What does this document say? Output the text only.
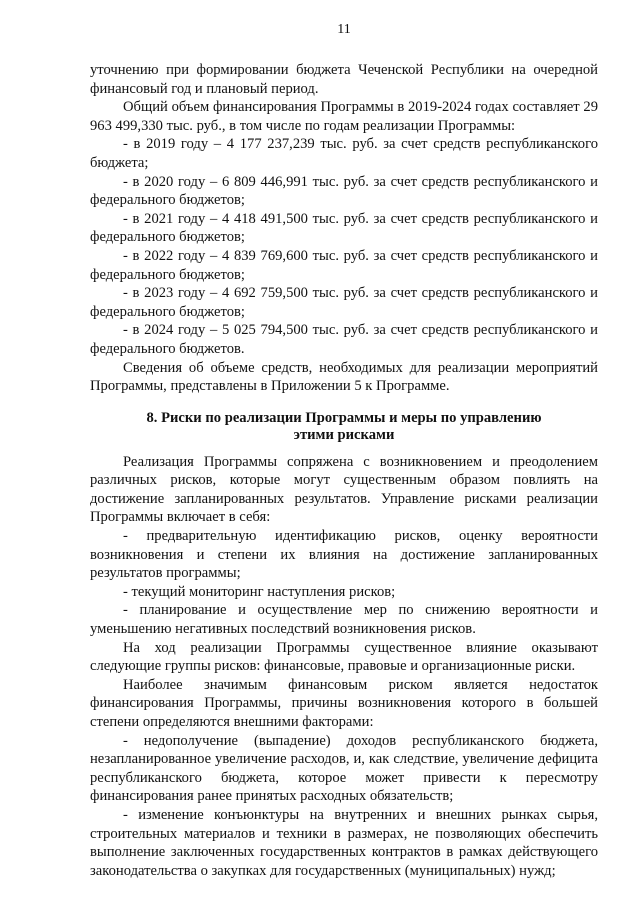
11

уточнению при формировании бюджета Чеченской Республики на очередной финансовый год и плановый период.

Общий объем финансирования Программы в 2019-2024 годах составляет 29 963 499,330 тыс. руб., в том числе по годам реализации Программы:

- в 2019 году – 4 177 237,239 тыс. руб. за счет средств республиканского бюджета;

- в 2020 году – 6 809 446,991 тыс. руб. за счет средств республиканского и федерального бюджетов;

- в 2021 году – 4 418 491,500 тыс. руб. за счет средств республиканского и федерального бюджетов;

- в 2022 году – 4 839 769,600 тыс. руб. за счет средств республиканского и федерального бюджетов;

- в 2023 году – 4 692 759,500 тыс. руб. за счет средств республиканского и федерального бюджетов;

- в 2024 году – 5 025 794,500 тыс. руб. за счет средств республиканского и федерального бюджетов.

Сведения об объеме средств, необходимых для реализации мероприятий Программы, представлены в Приложении 5 к Программе.

8. Риски по реализации Программы и меры по управлению этими рисками

Реализация Программы сопряжена с возникновением и преодолением различных рисков, которые могут существенным образом повлиять на достижение запланированных результатов. Управление рисками реализации Программы включает в себя:

- предварительную идентификацию рисков, оценку вероятности возникновения и степени их влияния на достижение запланированных результатов программы;

- текущий мониторинг наступления рисков;

- планирование и осуществление мер по снижению вероятности и уменьшению негативных последствий возникновения рисков.

На ход реализации Программы существенное влияние оказывают следующие группы рисков: финансовые, правовые и организационные риски.

Наиболее значимым финансовым риском является недостаток финансирования Программы, причины возникновения которого в большей степени определяются внешними факторами:

- недополучение (выпадение) доходов республиканского бюджета, незапланированное увеличение расходов, и, как следствие, увеличение дефицита республиканского бюджета, которое может привести к пересмотру финансирования ранее принятых расходных обязательств;

- изменение конъюнктуры на внутренних и внешних рынках сырья, строительных материалов и техники в размерах, не позволяющих обеспечить выполнение заключенных государственных контрактов в рамках действующего законодательства о закупках для государственных (муниципальных) нужд;
